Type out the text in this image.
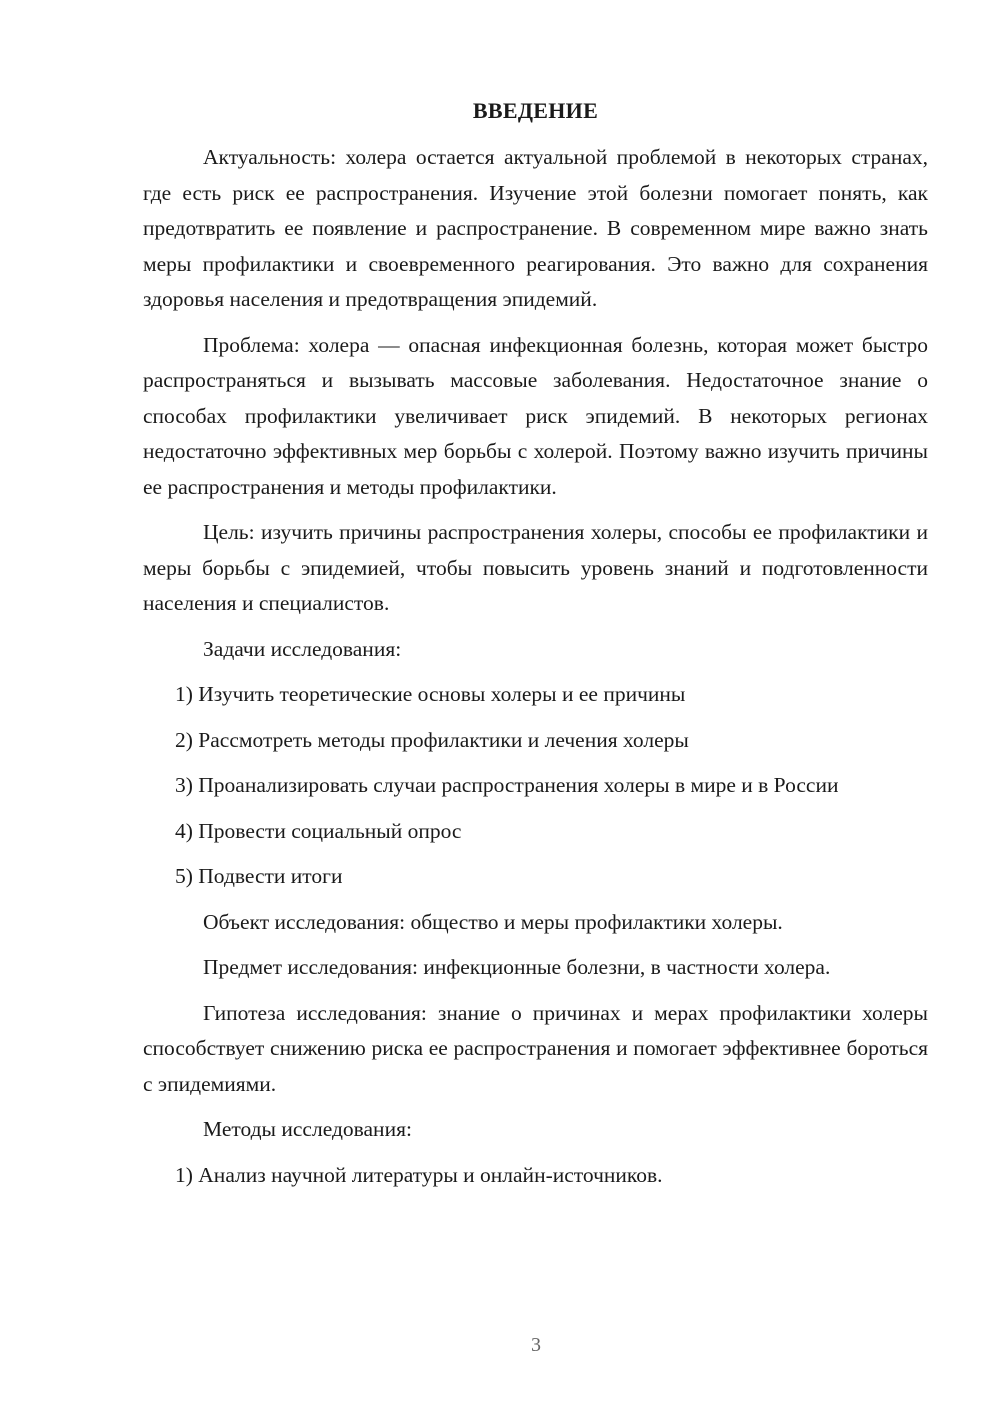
ВВЕДЕНИЕ

Актуальность: холера остается актуальной проблемой в некоторых странах, где есть риск ее распространения. Изучение этой болезни помогает понять, как предотвратить ее появление и распространение. В современном мире важно знать меры профилактики и своевременного реагирования. Это важно для сохранения здоровья населения и предотвращения эпидемий.

Проблема: холера — опасная инфекционная болезнь, которая может быстро распространяться и вызывать массовые заболевания. Недостаточное знание о способах профилактики увеличивает риск эпидемий. В некоторых регионах недостаточно эффективных мер борьбы с холерой. Поэтому важно изучить причины ее распространения и методы профилактики.

Цель: изучить причины распространения холеры, способы ее профилактики и меры борьбы с эпидемией, чтобы повысить уровень знаний и подготовленности населения и специалистов.

Задачи исследования:

1) Изучить теоретические основы холеры и ее причины

2) Рассмотреть методы профилактики и лечения холеры

3) Проанализировать случаи распространения холеры в мире и в России

4) Провести социальный опрос

5) Подвести итоги

Объект исследования: общество и меры профилактики холеры.

Предмет исследования: инфекционные болезни, в частности холера.

Гипотеза исследования: знание о причинах и мерах профилактики холеры способствует снижению риска ее распространения и помогает эффективнее бороться с эпидемиями.

Методы исследования:

1) Анализ научной литературы и онлайн-источников.

3
